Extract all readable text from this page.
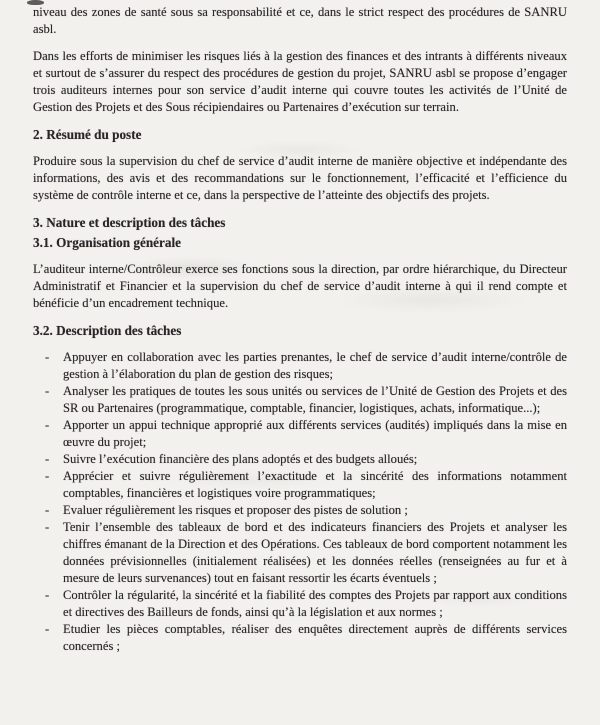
niveau des zones de santé sous sa responsabilité et ce, dans le strict respect des procédures de SANRU asbl.

Dans les efforts de minimiser les risques liés à la gestion des finances et des intrants à différents niveaux et surtout de s’assurer du respect des procédures de gestion du projet, SANRU asbl se propose d’engager trois auditeurs internes pour son service d’audit interne qui couvre toutes les activités de l’Unité de Gestion des Projets et des Sous récipiendaires ou Partenaires d’exécution sur terrain.

2. Résumé du poste

Produire sous la supervision du chef de service d’audit interne de manière objective et indépendante des informations, des avis et des recommandations sur le fonctionnement, l’efficacité et l’efficience du système de contrôle interne et ce, dans la perspective de l’atteinte des objectifs des projets.

3. Nature et description des tâches
3.1. Organisation générale

L’auditeur interne/Contrôleur exerce ses fonctions sous la direction, par ordre hiérarchique, du Directeur Administratif et Financier et la supervision du chef de service d’audit interne à qui il rend compte et bénéficie d’un encadrement technique.

3.2. Description des tâches
-	Appuyer en collaboration avec les parties prenantes, le chef de service d’audit interne/contrôle de gestion à l’élaboration du plan de gestion des risques;
-	Analyser les pratiques de toutes les sous unités ou services de l’Unité de Gestion des Projets et des SR ou Partenaires (programmatique, comptable, financier, logistiques, achats, informatique...);
-	Apporter un appui technique approprié aux différents services (audités) impliqués dans la mise en œuvre du projet;
-	Suivre l’exécution financière des plans adoptés et des budgets alloués;
-	Apprécier et suivre régulièrement l’exactitude et la sincérité des informations notamment comptables, financières et logistiques voire programmatiques;
-	Evaluer régulièrement les risques et proposer des pistes de solution ;
-	Tenir l’ensemble des tableaux de bord et des indicateurs financiers des Projets et analyser les chiffres émanant de la Direction et des Opérations. Ces tableaux de bord comportent notamment les données prévisionnelles (initialement réalisées) et les données réelles (renseignées au fur et à mesure de leurs survenances) tout en faisant ressortir les écarts éventuels ;
-	Contrôler la régularité, la sincérité et la fiabilité des comptes des Projets par rapport aux conditions et directives des Bailleurs de fonds, ainsi qu’à la législation et aux normes ;
-	Etudier les pièces comptables, réaliser des enquêtes directement auprès de différents services concernés ;
